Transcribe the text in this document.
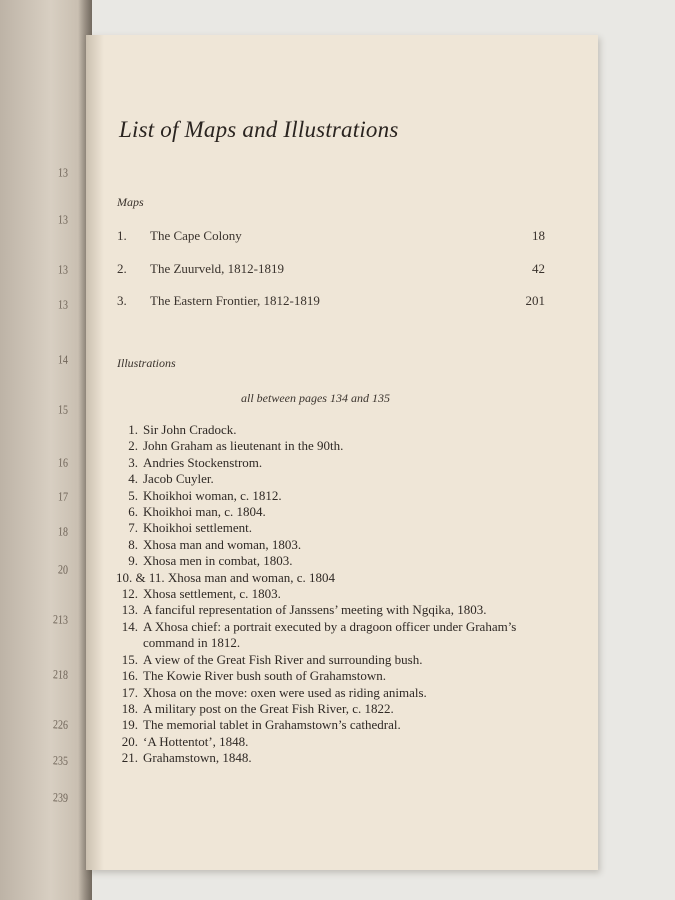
13
13
13
13
14
15
16
17
18
20
213
218
226
235
239
List of Maps and Illustrations
Maps
1. The Cape Colony	18
2. The Zuurveld, 1812-1819	42
3. The Eastern Frontier, 1812-1819	201
Illustrations
all between pages 134 and 135
1. Sir John Cradock.
2. John Graham as lieutenant in the 90th.
3. Andries Stockenstrom.
4. Jacob Cuyler.
5. Khoikhoi woman, c. 1812.
6. Khoikhoi man, c. 1804.
7. Khoikhoi settlement.
8. Xhosa man and woman, 1803.
9. Xhosa men in combat, 1803.
10. & 11. Xhosa man and woman, c. 1804
12. Xhosa settlement, c. 1803.
13. A fanciful representation of Janssens’ meeting with Ngqika, 1803.
14. A Xhosa chief: a portrait executed by a dragoon officer under Graham’s command in 1812.
15. A view of the Great Fish River and surrounding bush.
16. The Kowie River bush south of Grahamstown.
17. Xhosa on the move: oxen were used as riding animals.
18. A military post on the Great Fish River, c. 1822.
19. The memorial tablet in Grahamstown’s cathedral.
20. ‘A Hottentot’, 1848.
21. Grahamstown, 1848.
